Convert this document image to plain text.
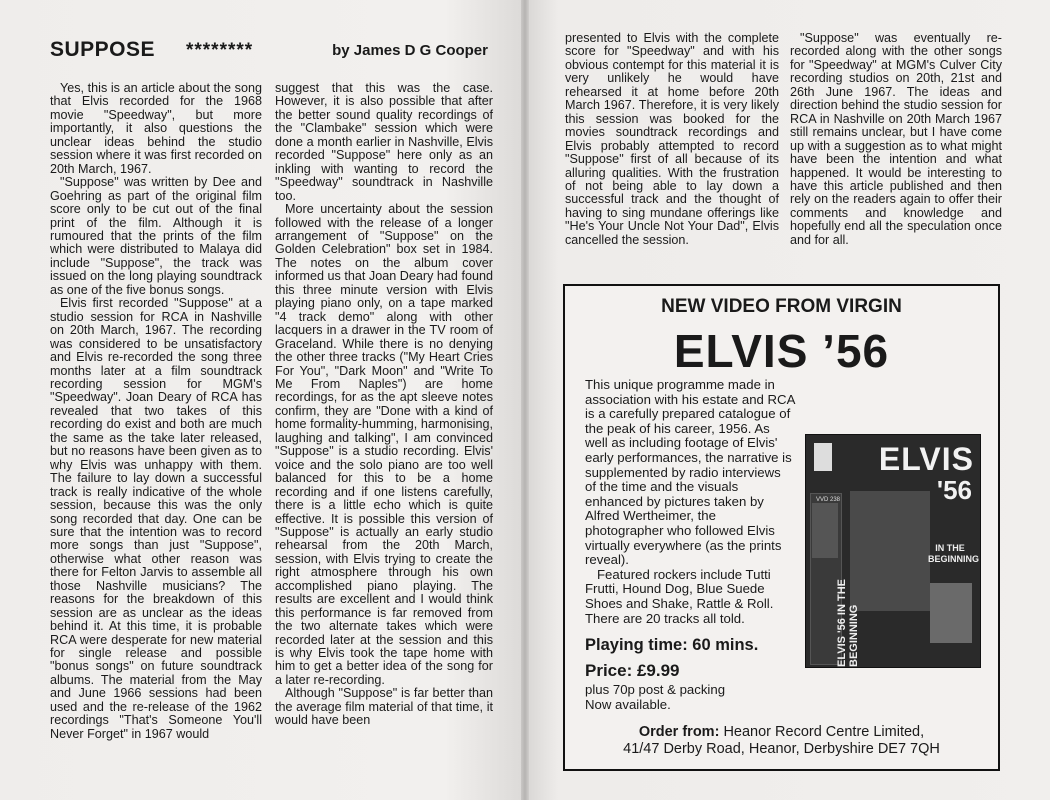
SUPPOSE ********	by James D G Cooper

Yes, this is an article about the song that Elvis recorded for the 1968 movie "Speedway", but more importantly, it also questions the unclear ideas behind the studio session where it was first recorded on 20th March, 1967.

"Suppose" was written by Dee and Goehring as part of the original film score only to be cut out of the final print of the film. Although it is rumoured that the prints of the film which were distributed to Malaya did include "Suppose", the track was issued on the long playing soundtrack as one of the five bonus songs.

Elvis first recorded "Suppose" at a studio session for RCA in Nashville on 20th March, 1967. The recording was considered to be unsatisfactory and Elvis re-recorded the song three months later at a film soundtrack recording session for MGM's "Speedway". Joan Deary of RCA has revealed that two takes of this recording do exist and both are much the same as the take later released, but no reasons have been given as to why Elvis was unhappy with them. The failure to lay down a successful track is really indicative of the whole session, because this was the only song recorded that day. One can be sure that the intention was to record more songs than just "Suppose", otherwise what other reason was there for Felton Jarvis to assemble all those Nashville musicians? The reasons for the breakdown of this session are as unclear as the ideas behind it. At this time, it is probable RCA were desperate for new material for single release and possible "bonus songs" on future soundtrack albums. The material from the May and June 1966 sessions had been used and the re-release of the 1962 recordings "That's Someone You'll Never Forget" in 1967 would

suggest that this was the case. However, it is also possible that after the better sound quality recordings of the "Clambake" session which were done a month earlier in Nashville, Elvis recorded "Suppose" here only as an inkling with wanting to record the "Speedway" soundtrack in Nashville too.

More uncertainty about the session followed with the release of a longer arrangement of "Suppose" on the Golden Celebration" box set in 1984. The notes on the album cover informed us that Joan Deary had found this three minute version with Elvis playing piano only, on a tape marked "4 track demo" along with other lacquers in a drawer in the TV room of Graceland. While there is no denying the other three tracks ("My Heart Cries For You", "Dark Moon" and "Write To Me From Naples") are home recordings, for as the apt sleeve notes confirm, they are "Done with a kind of home formality-humming, harmonising, laughing and talking", I am convinced "Suppose" is a studio recording. Elvis' voice and the solo piano are too well balanced for this to be a home recording and if one listens carefully, there is a little echo which is quite effective. It is possible this version of "Suppose" is actually an early studio rehearsal from the 20th March, session, with Elvis trying to create the right atmosphere through his own accomplished piano playing. The results are excellent and I would think this performance is far removed from the two alternate takes which were recorded later at the session and this is why Elvis took the tape home with him to get a better idea of the song for a later re-recording.

Although "Suppose" is far better than the average film material of that time, it would have been

presented to Elvis with the complete score for "Speedway" and with his obvious contempt for this material it is very unlikely he would have rehearsed it at home before 20th March 1967. Therefore, it is very likely this session was booked for the movies soundtrack recordings and Elvis probably attempted to record "Suppose" first of all because of its alluring qualities. With the frustration of not being able to lay down a successful track and the thought of having to sing mundane offerings like "He's Your Uncle Not Your Dad", Elvis cancelled the session.

"Suppose" was eventually re-recorded along with the other songs for "Speedway" at MGM's Culver City recording studios on 20th, 21st and 26th June 1967. The ideas and direction behind the studio session for RCA in Nashville on 20th March 1967 still remains unclear, but I have come up with a suggestion as to what might have been the intention and what happened. It would be interesting to have this article published and then rely on the readers again to offer their comments and knowledge and hopefully end all the speculation once and for all.

NEW VIDEO FROM VIRGIN
ELVIS ’56

This unique programme made in association with his estate and RCA is a carefully prepared catalogue of the peak of his career, 1956. As well as including footage of Elvis' early performances, the narrative is supplemented by radio interviews of the time and the visuals enhanced by pictures taken by Alfred Wertheimer, the photographer who followed Elvis virtually everywhere (as the prints reveal).

Featured rockers include Tutti Frutti, Hound Dog, Blue Suede Shoes and Shake, Rattle & Roll. There are 20 tracks all told.

ELVIS
'56
VVD 238
IN THE BEGINNING
ELVIS '56 IN THE BEGINNING
Playing time: 60 mins.
Price: £9.99
plus 70p post & packing
Now available.
Order from: Heanor Record Centre Limited,
41/47 Derby Road, Heanor, Derbyshire DE7 7QH
